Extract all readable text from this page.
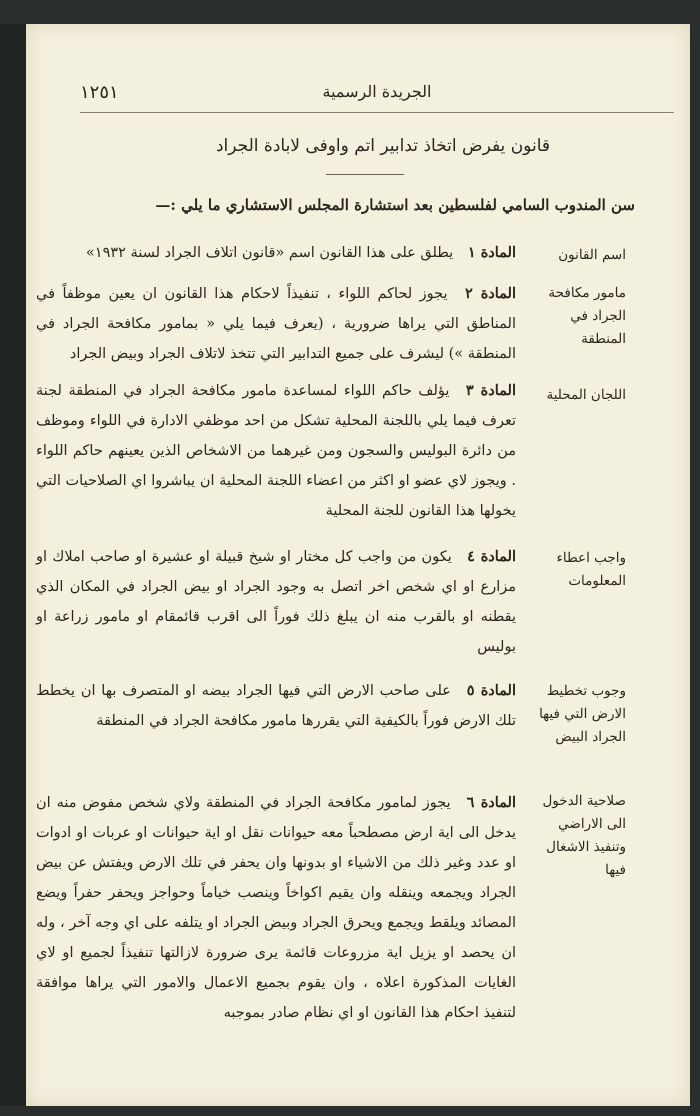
١٢٥١	الجريدة الرسمية
قانون يفرض اتخاذ تدابير اتم واوفى لابادة الجراد
سن المندوب السامي لفلسطين بعد استشارة المجلس الاستشاري ما يلي :—
المادة ١ يطلق على هذا القانون اسم «قانون اتلاف الجراد لسنة ١٩٣٢»	اسم القانون
المادة ٢ يجوز لحاكم اللواء ، تنفيذاً لاحكام هذا القانون ان يعين موظفاً في المناطق التي يراها ضرورية ، (يعرف فيما يلي « بمامور مكافحة الجراد في المنطقة ») ليشرف على جميع التدابير التي تتخذ لاتلاف الجراد وبيض الجراد
مامور مكافحة الجراد في المنطقة
المادة ٣ يؤلف حاكم اللواء لمساعدة مامور مكافحة الجراد في المنطقة لجنة تعرف فيما يلي باللجنة المحلية تشكل من احد موظفي الادارة في اللواء وموظف من دائرة البوليس والسجون ومن غيرهما من الاشخاص الذين يعينهم حاكم اللواء . ويجوز لاي عضو او اكثر من اعضاء اللجنة المحلية ان يباشروا اي الصلاحيات التي يخولها هذا القانون للجنة المحلية
اللجان المحلية
المادة ٤ يكون من واجب كل مختار او شيخ قبيلة او عشيرة او صاحب املاك او مزارع او اي شخص اخر اتصل به وجود الجراد او بيض الجراد في المكان الذي يقطنه او بالقرب منه ان يبلغ ذلك فوراً الى اقرب قائمقام او مامور زراعة او بوليس
واجب اعطاء المعلومات
المادة ٥ على صاحب الارض التي فيها الجراد بيضه او المتصرف بها ان يخطط تلك الارض فوراً بالكيفية التي يقررها مامور مكافحة الجراد في المنطقة
وجوب تخطيط الارض التي فيها الجراد البيض
المادة ٦ يجوز لمامور مكافحة الجراد في المنطقة ولاي شخص مفوض منه ان يدخل الى اية ارض مصطحباً معه حيوانات نقل او اية حيوانات او عربات او ادوات او عدد وغير ذلك من الاشياء او بدونها وان يحفر في تلك الارض ويفتش عن بيض الجراد ويجمعه وينقله وان يقيم اكواخاً وينصب خياماً وحواجز ويحفر حفراً ويضع المصائد ويلقط ويجمع ويحرق الجراد وبيض الجراد او يتلفه على اي وجه آخر ، وله ان يحصد او يزيل اية مزروعات قائمة يرى ضرورة لازالتها تنفيذاً لجميع او لاي الغايات المذكورة اعلاه ، وان يقوم بجميع الاعمال والامور التي يراها موافقة لتنفيذ احكام هذا القانون او اي نظام صادر بموجبه
صلاحية الدخول الى الاراضي وتنفيذ الاشغال فيها
